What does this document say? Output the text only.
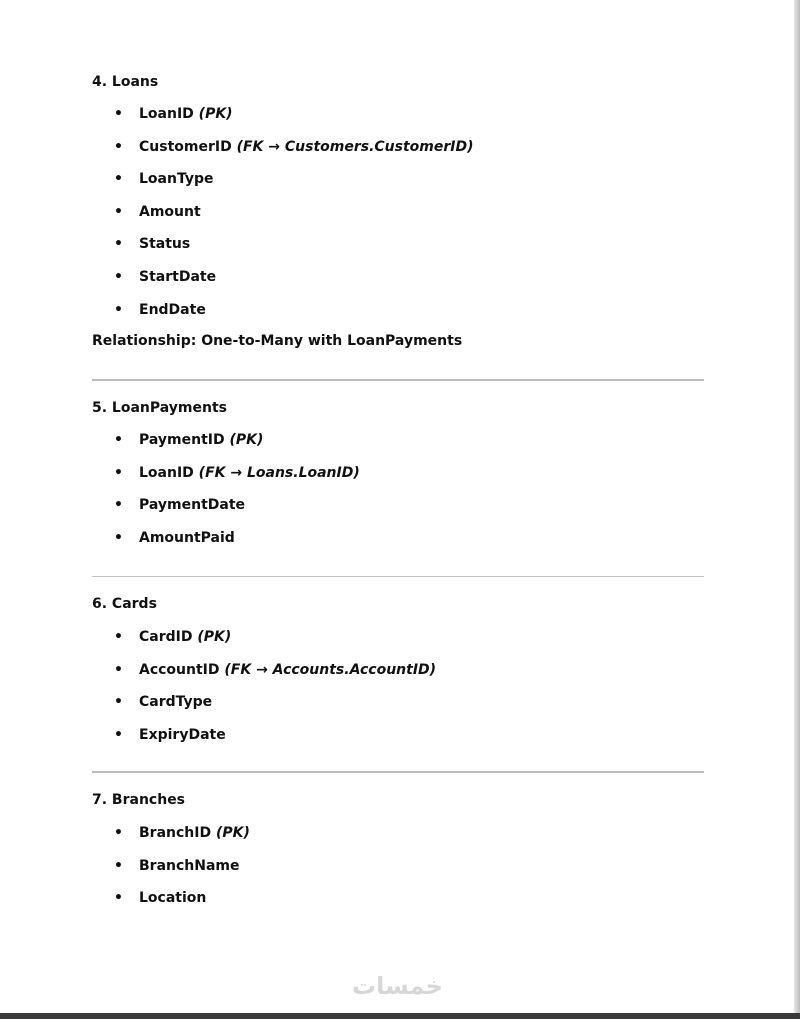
4. Loans

• LoanID (PK)
• CustomerID (FK → Customers.CustomerID)
• LoanType
• Amount
• Status
• StartDate
• EndDate

Relationship: One-to-Many with LoanPayments

5. LoanPayments

• PaymentID (PK)
• LoanID (FK → Loans.LoanID)
• PaymentDate
• AmountPaid

6. Cards

• CardID (PK)
• AccountID (FK → Accounts.AccountID)
• CardType
• ExpiryDate

7. Branches

• BranchID (PK)
• BranchName
• Location
خمسات
